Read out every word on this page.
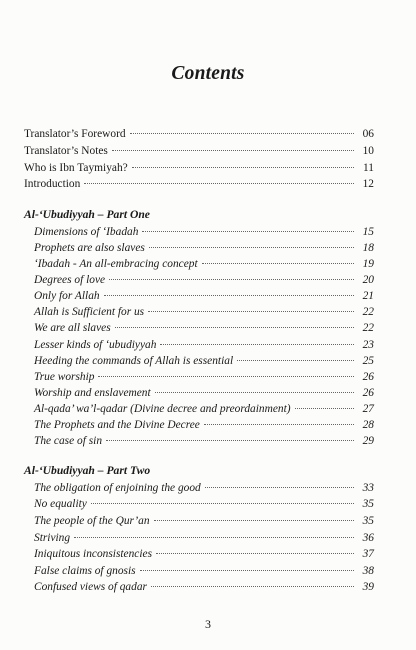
Contents
Translator’s Foreword	06
Translator’s Notes	10
Who is Ibn Taymiyah?	11
Introduction	12
Al-‘Ubudiyyah – Part One
Dimensions of ‘Ibadah	15
Prophets are also slaves	18
‘Ibadah - An all-embracing concept	19
Degrees of love	20
Only for Allah	21
Allah is Sufficient for us	22
We are all slaves	22
Lesser kinds of ‘ubudiyyah	23
Heeding the commands of Allah is essential	25
True worship	26
Worship and enslavement	26
Al-qada’ wa’l-qadar (Divine decree and preordainment)	27
The Prophets and the Divine Decree	28
The case of sin	29
Al-‘Ubudiyyah – Part Two
The obligation of enjoining the good	33
No equality	35
The people of the Qur’an	35
Striving	36
Iniquitous inconsistencies	37
False claims of gnosis	38
Confused views of qadar	39
3
